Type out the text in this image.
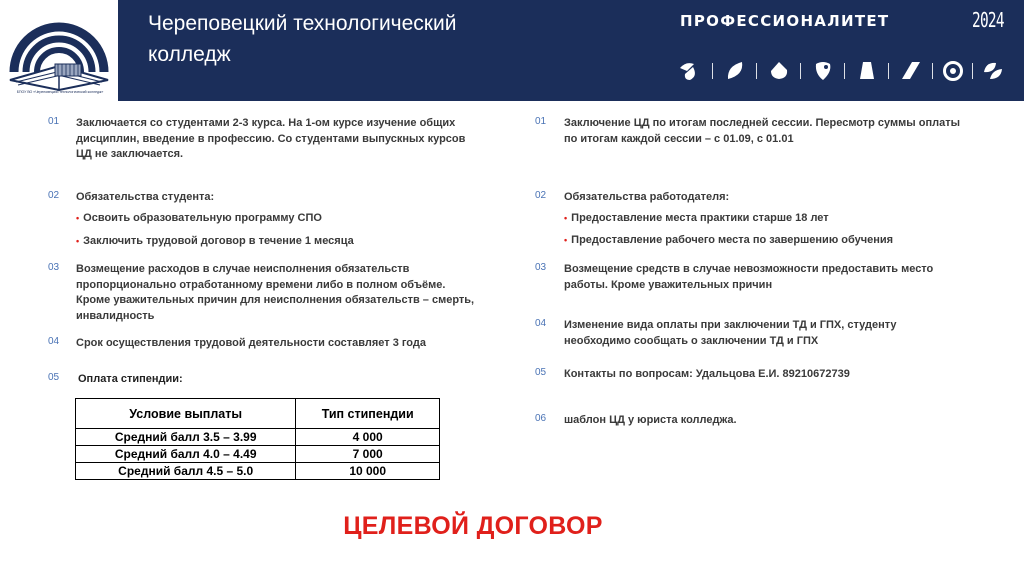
БПОУ ВО «Череповецкий технологический колледж»
Череповецкий технологический
колледж
ПРОФЕССИОНАЛИТЕТ	2024
01 Заключается со студентами 2-3 курса. На 1-ом курсе изучение общих
дисциплин, введение в профессию. Со студентами выпускных курсов
ЦД не заключается.
02 Обязательства студента:
• Освоить образовательную программу СПО
• Заключить трудовой договор в течение 1 месяца
03 Возмещение расходов в случае неисполнения обязательств
пропорционально отработанному времени либо в полном объёме.
Кроме уважительных причин для неисполнения обязательств – смерть,
инвалидность
04 Срок осуществления трудовой деятельности составляет 3 года
05 Оплата стипендии:
Условие выплаты	Тип стипендии
Средний балл 3.5 – 3.99	4 000
Средний балл 4.0 – 4.49	7 000
Средний балл 4.5 – 5.0	10 000
01 Заключение ЦД по итогам последней сессии. Пересмотр суммы оплаты
по итогам каждой сессии – с 01.09, с 01.01
02 Обязательства работодателя:
• Предоставление места практики старше 18 лет
• Предоставление рабочего места по завершению обучения
03 Возмещение средств в случае невозможности предоставить место
работы. Кроме уважительных причин
04 Изменение вида оплаты при заключении ТД и ГПХ, студенту
необходимо сообщать о заключении ТД и ГПХ
05 Контакты по вопросам: Удальцова Е.И. 89210672739
06 шаблон ЦД у юриста колледжа.
ЦЕЛЕВОЙ ДОГОВОР
